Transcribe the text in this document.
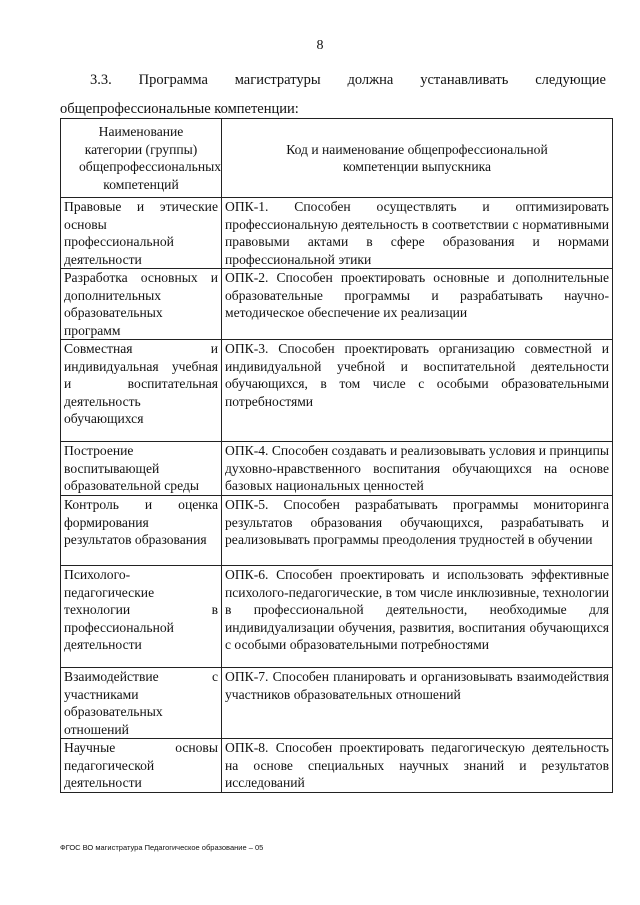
8
3.3. Программа магистратуры должна устанавливать следующие
общепрофессиональные компетенции:
Наименование категории (группы) общепрофессиональных компетенций	Код и наименование общепрофессиональной компетенции выпускника
Правовые и этические основы профессиональной деятельности	ОПК-1. Способен осуществлять и оптимизировать профессиональную деятельность в соответствии с нормативными правовыми актами в сфере образования и нормами профессиональной этики
Разработка основных и дополнительных образовательных программ	ОПК-2. Способен проектировать основные и дополнительные образовательные программы и разрабатывать научно-методическое обеспечение их реализации
Совместная и индивидуальная учебная и воспитательная деятельность обучающихся	ОПК-3. Способен проектировать организацию совместной и индивидуальной учебной и воспитательной деятельности обучающихся, в том числе с особыми образовательными потребностями
Построение воспитывающей образовательной среды	ОПК-4. Способен создавать и реализовывать условия и принципы духовно-нравственного воспитания обучающихся на основе базовых национальных ценностей
Контроль и оценка формирования результатов образования	ОПК-5. Способен разрабатывать программы мониторинга результатов образования обучающихся, разрабатывать и реализовывать программы преодоления трудностей в обучении
Психолого-педагогические технологии в профессиональной деятельности	ОПК-6. Способен проектировать и использовать эффективные психолого-педагогические, в том числе инклюзивные, технологии в профессиональной деятельности, необходимые для индивидуализации обучения, развития, воспитания обучающихся с особыми образовательными потребностями
Взаимодействие с участниками образовательных отношений	ОПК-7. Способен планировать и организовывать взаимодействия участников образовательных отношений
Научные основы педагогической деятельности	ОПК-8. Способен проектировать педагогическую деятельность на основе специальных научных знаний и результатов исследований
ФГОС ВО магистратура Педагогическое образование – 05
